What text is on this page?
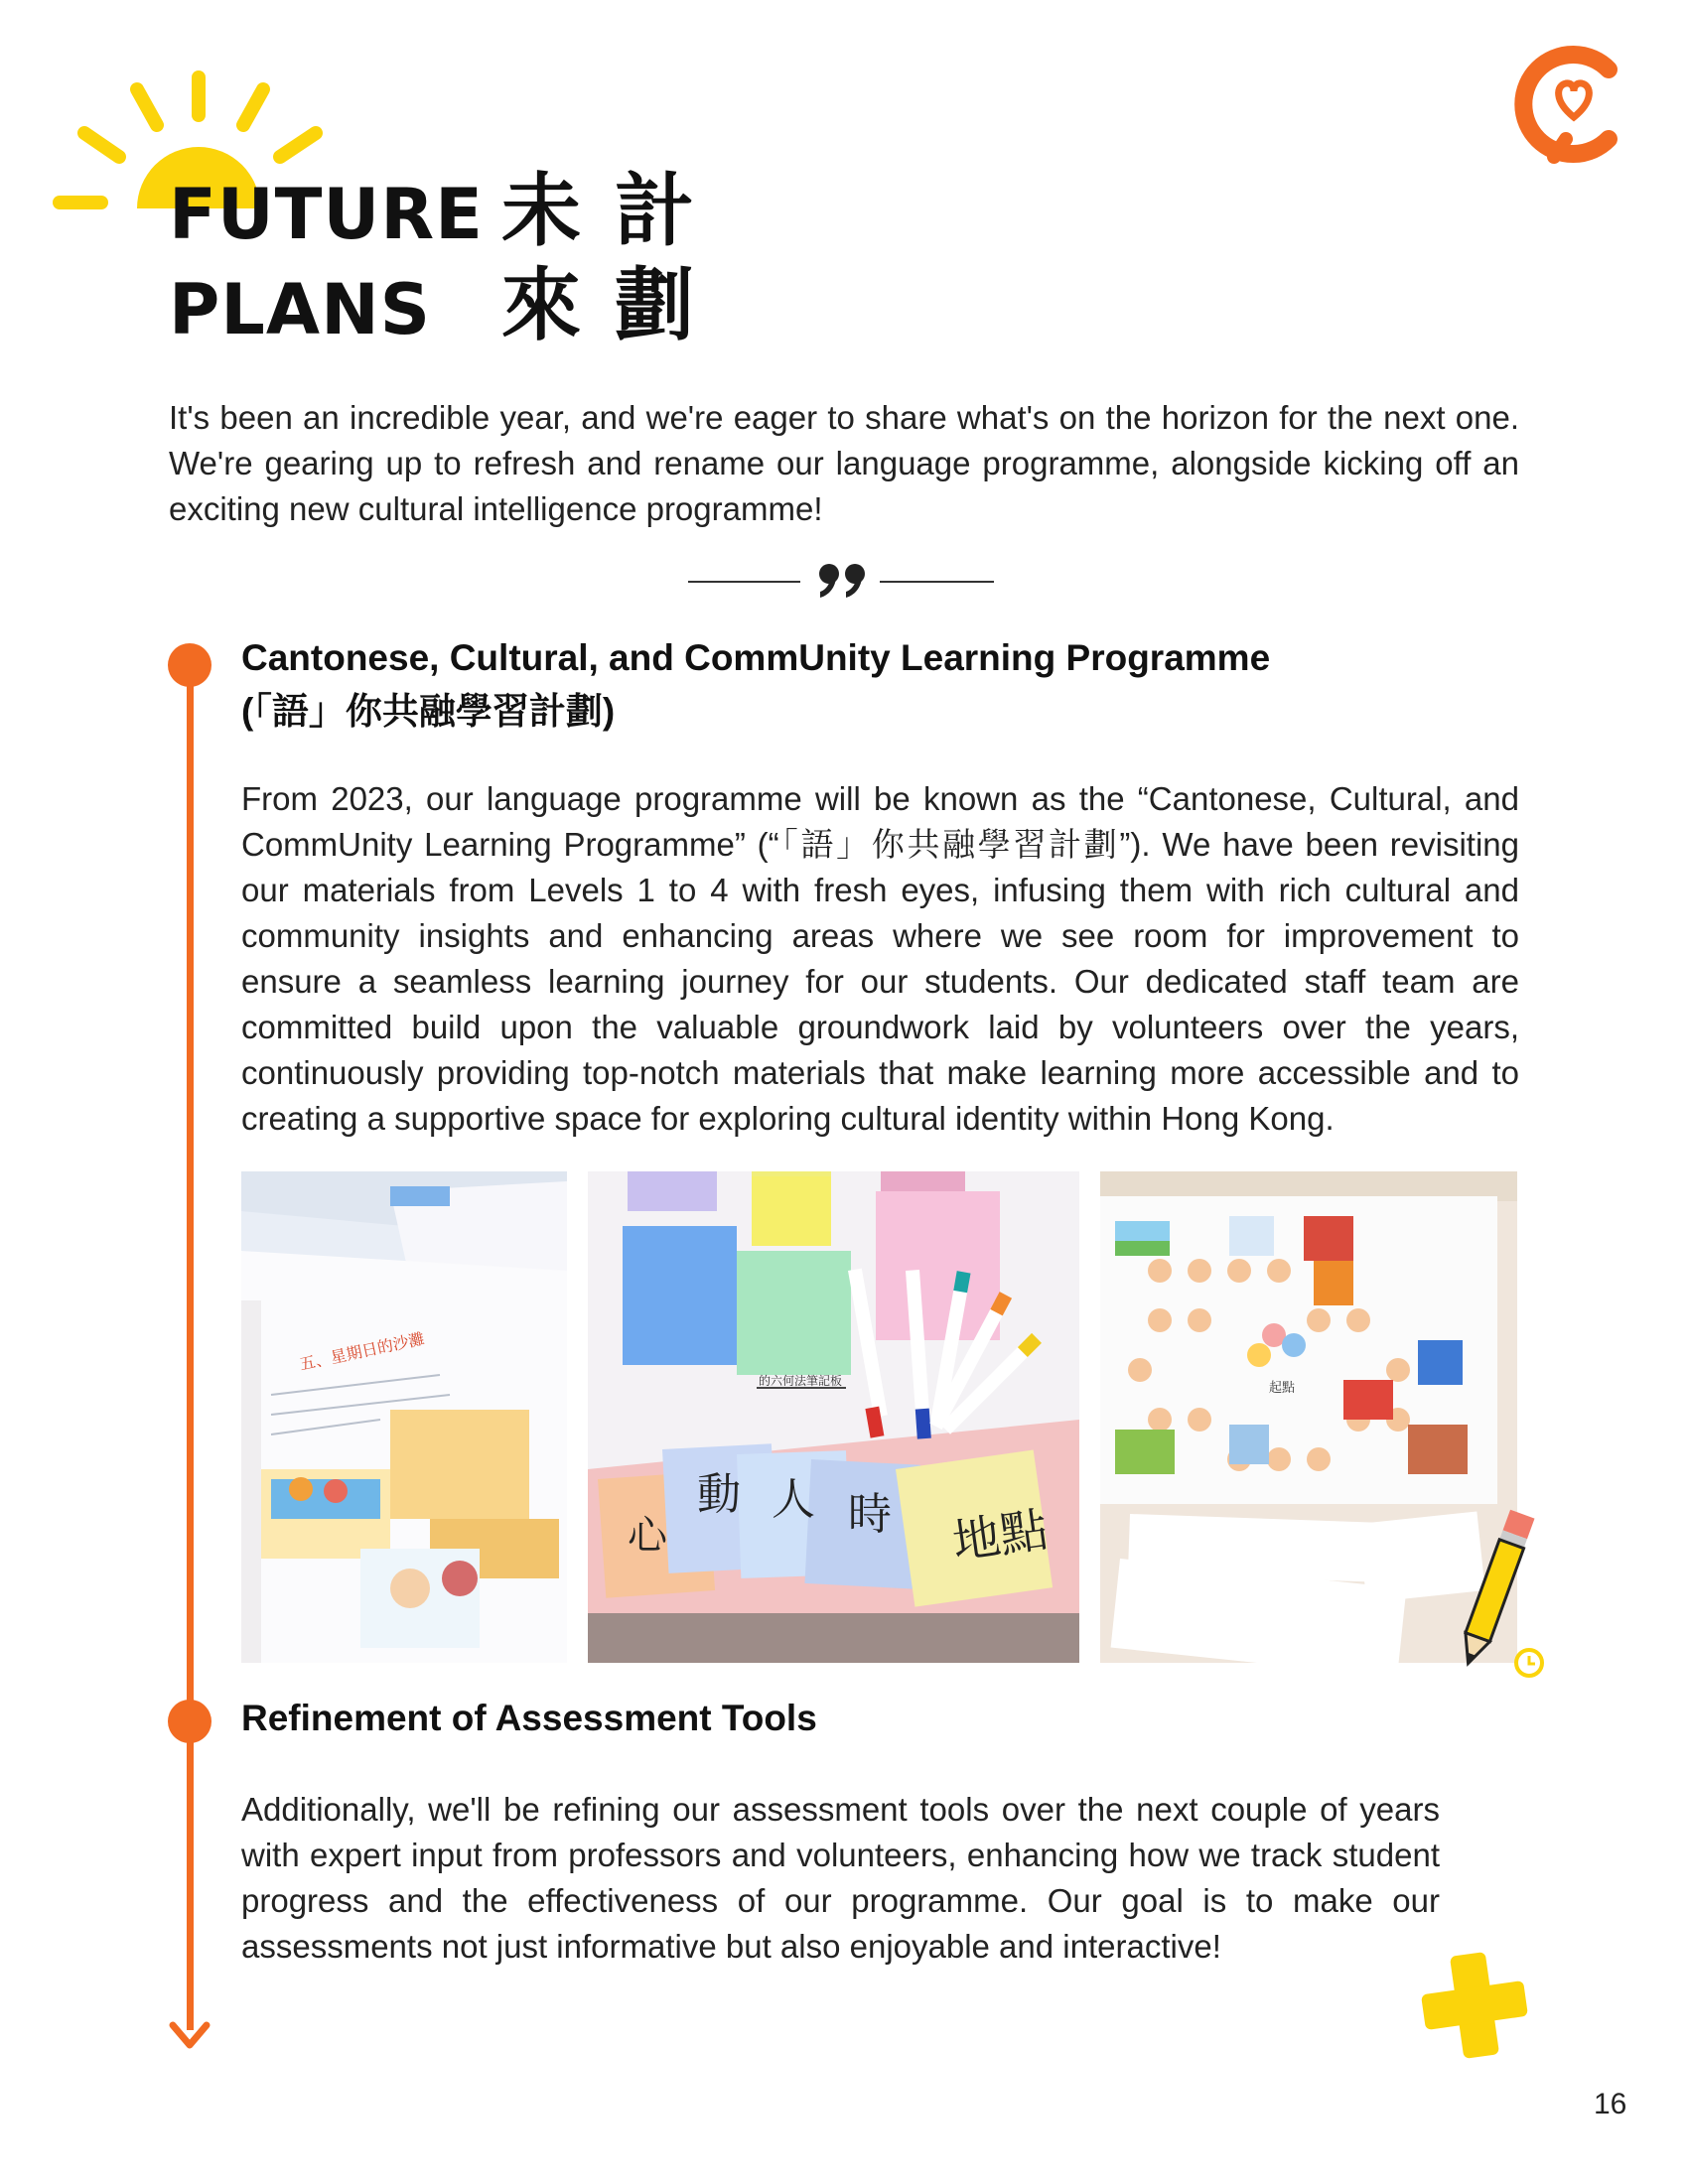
FUTURE
PLANS
未計
來劃

It's been an incredible year, and we're eager to share what's on the horizon for the next one. We're gearing up to refresh and rename our language programme, alongside kicking off an exciting new cultural intelligence programme!

Cantonese, Cultural, and CommUnity Learning Programme
(「語」你共融學習計劃)

From 2023, our language programme will be known as the “Cantonese, Cultural, and CommUnity Learning Programme” (“「語」你共融學習計劃”). We have been revisiting our materials from Levels 1 to 4 with fresh eyes, infusing them with rich cultural and community insights and enhancing areas where we see room for improvement to ensure a seamless learning journey for our students. Our dedicated staff team are committed build upon the valuable groundwork laid by volunteers over the years, continuously providing top-notch materials that make learning more accessible and to creating a supportive space for exploring cultural identity within Hong Kong.

五、星期日的沙灘
的六何法筆記板
心
動 人 時 地點
起點
Refinement of Assessment Tools

Additionally, we'll be refining our assessment tools over the next couple of years with expert input from professors and volunteers, enhancing how we track student progress and the effectiveness of our programme. Our goal is to make our assessments not just informative but also enjoyable and interactive!

16
